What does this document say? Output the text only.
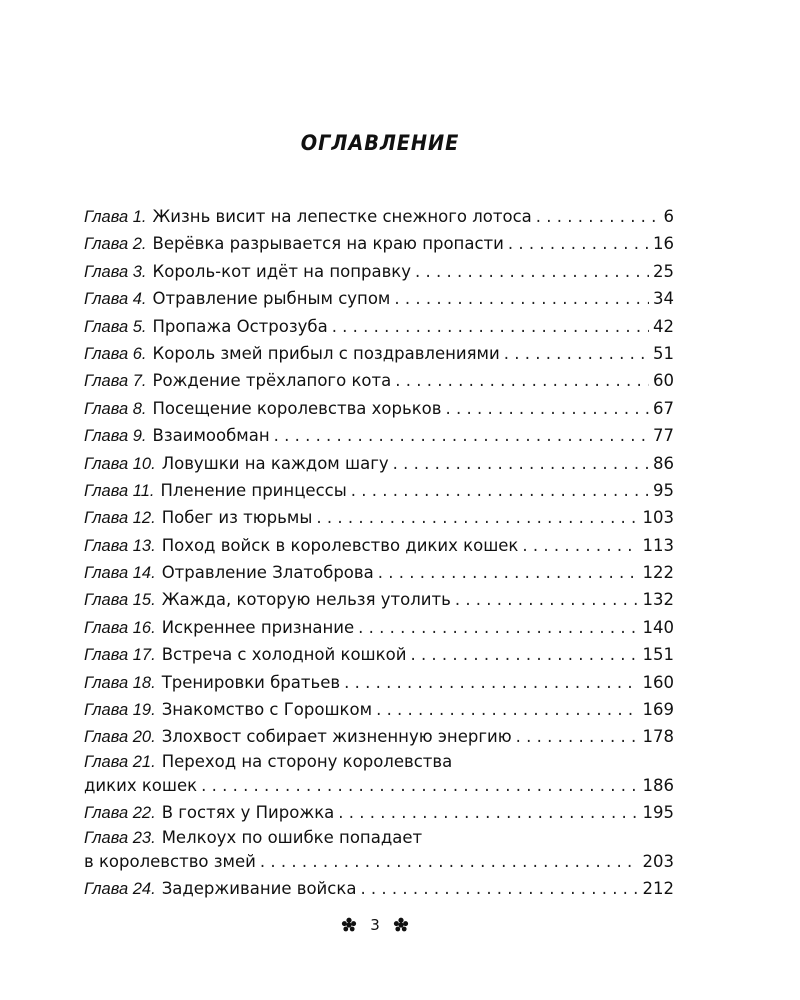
ОГЛАВЛЕНИЕ
Глава 1. Жизнь висит на лепестке снежного лотоса . . .	6
Глава 2. Верёвка разрывается на краю пропасти . . .	16
Глава 3. Король-кот идёт на поправку . . .	25
Глава 4. Отравление рыбным супом . . .	34
Глава 5. Пропажа Острозуба . . .	42
Глава 6. Король змей прибыл с поздравлениями . . .	51
Глава 7. Рождение трёхлапого кота . . .	60
Глава 8. Посещение королевства хорьков . . .	67
Глава 9. Взаимообман . . .	77
Глава 10. Ловушки на каждом шагу . . .	86
Глава 11. Пленение принцессы . . .	95
Глава 12. Побег из тюрьмы . . .	103
Глава 13. Поход войск в королевство диких кошек . . .	113
Глава 14. Отравление Златоброва . . .	122
Глава 15. Жажда, которую нельзя утолить . . .	132
Глава 16. Искреннее признание . . .	140
Глава 17. Встреча с холодной кошкой . . .	151
Глава 18. Тренировки братьев . . .	160
Глава 19. Знакомство с Горошком . . .	169
Глава 20. Злохвост собирает жизненную энергию . . .	178
Глава 21. Переход на сторону королевства
диких кошек . . .	186
Глава 22. В гостях у Пирожка . . .	195
Глава 23. Мелкоух по ошибке попадает
в королевство змей . . .	203
Глава 24. Задерживание войска . . .	212
3
